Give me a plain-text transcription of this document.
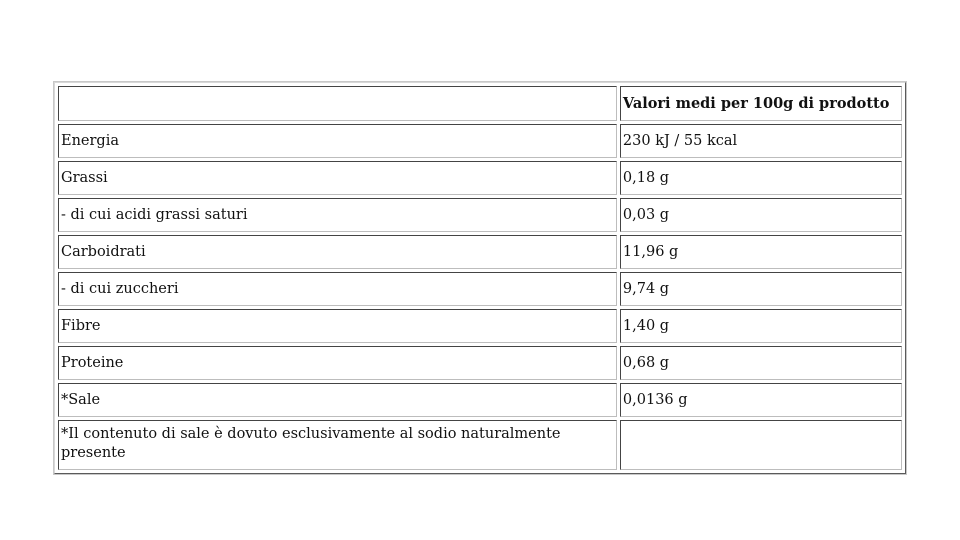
	Valori medi per 100g di prodotto
Energia	230 kJ / 55 kcal
Grassi	0,18 g
- di cui acidi grassi saturi	0,03 g
Carboidrati	11,96 g
- di cui zuccheri	9,74 g
Fibre	1,40 g
Proteine	0,68 g
*Sale	0,0136 g
*Il contenuto di sale è dovuto esclusivamente al sodio naturalmente presente	
